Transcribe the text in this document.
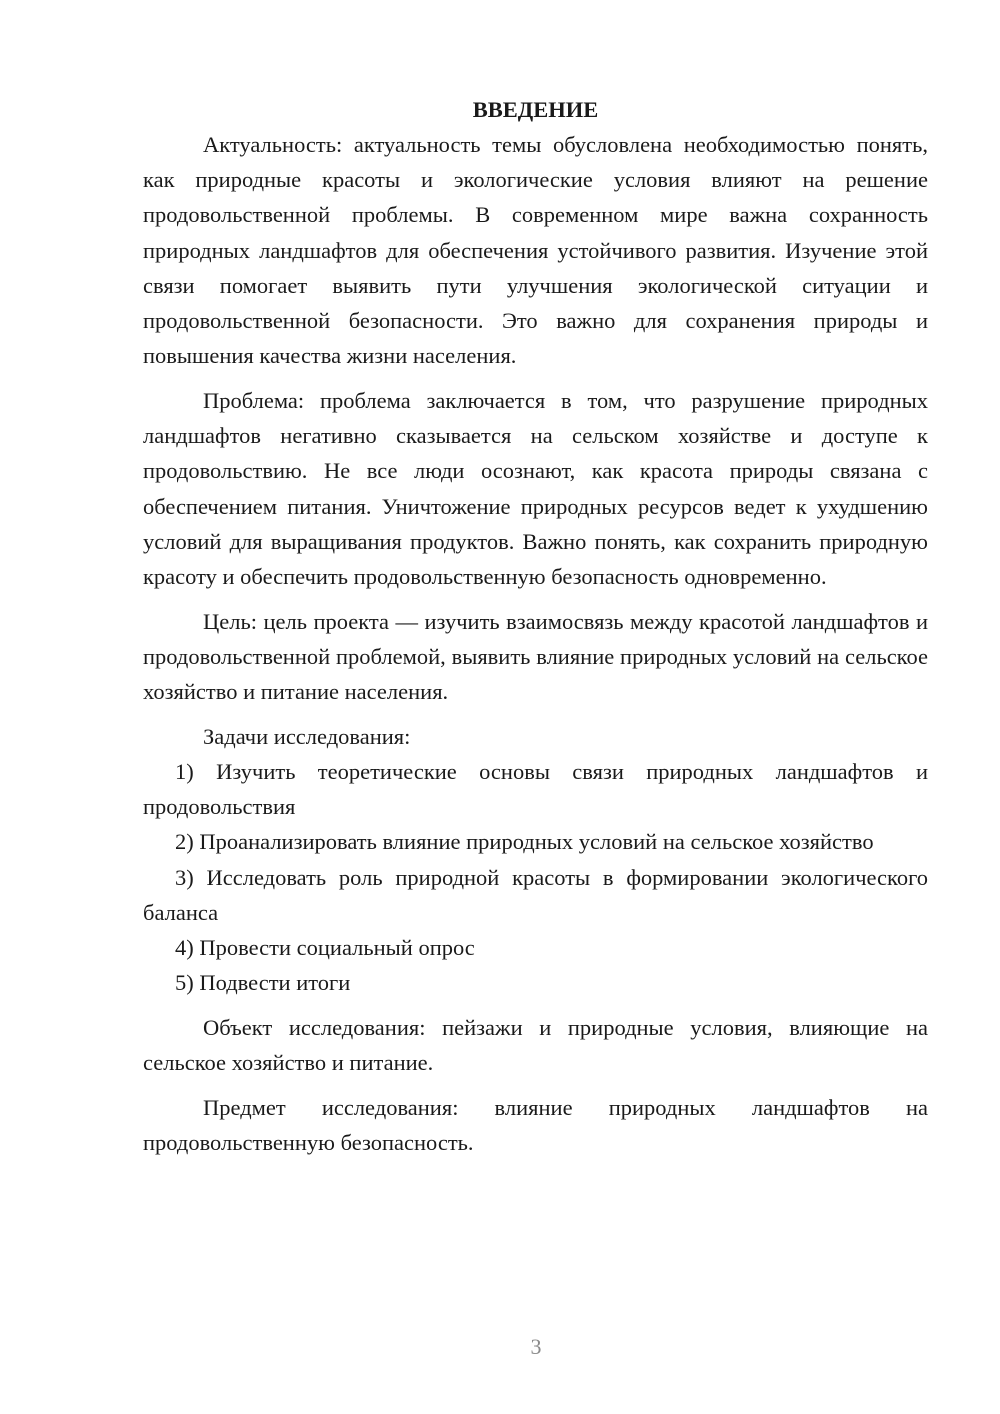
ВВЕДЕНИЕ

Актуальность: актуальность темы обусловлена необходимостью понять, как природные красоты и экологические условия влияют на решение продовольственной проблемы. В современном мире важна сохранность природных ландшафтов для обеспечения устойчивого развития. Изучение этой связи помогает выявить пути улучшения экологической ситуации и продовольственной безопасности. Это важно для сохранения природы и повышения качества жизни населения.

Проблема: проблема заключается в том, что разрушение природных ландшафтов негативно сказывается на сельском хозяйстве и доступе к продовольствию. Не все люди осознают, как красота природы связана с обеспечением питания. Уничтожение природных ресурсов ведет к ухудшению условий для выращивания продуктов. Важно понять, как сохранить природную красоту и обеспечить продовольственную безопасность одновременно.

Цель: цель проекта — изучить взаимосвязь между красотой ландшафтов и продовольственной проблемой, выявить влияние природных условий на сельское хозяйство и питание населения.

Задачи исследования:

1) Изучить теоретические основы связи природных ландшафтов и продовольствия

2) Проанализировать влияние природных условий на сельское хозяйство

3) Исследовать роль природной красоты в формировании экологического баланса

4) Провести социальный опрос

5) Подвести итоги

Объект исследования: пейзажи и природные условия, влияющие на сельское хозяйство и питание.

Предмет исследования: влияние природных ландшафтов на продовольственную безопасность.

3
